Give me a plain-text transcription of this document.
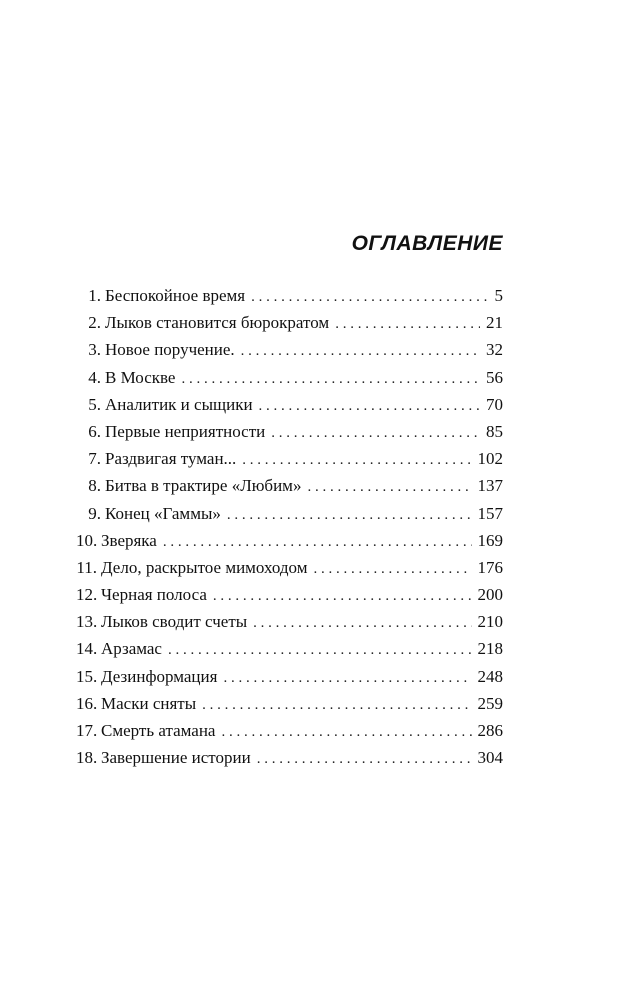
ОГЛАВЛЕНИЕ
1. Беспокойное время . . .	5
2. Лыков становится бюрократом . . .	21
3. Новое поручение. . . .	32
4. В Москве . . .	56
5. Аналитик и сыщики . . .	70
6. Первые неприятности . . .	85
7. Раздвигая туман... . . .	102
8. Битва в трактире «Любим» . . .	137
9. Конец «Гаммы» . . .	157
10. Зверяка . . .	169
11. Дело, раскрытое мимоходом . . .	176
12. Черная полоса . . .	200
13. Лыков сводит счеты . . .	210
14. Арзамас . . .	218
15. Дезинформация . . .	248
16. Маски сняты . . .	259
17. Смерть атамана . . .	286
18. Завершение истории . . .	304
